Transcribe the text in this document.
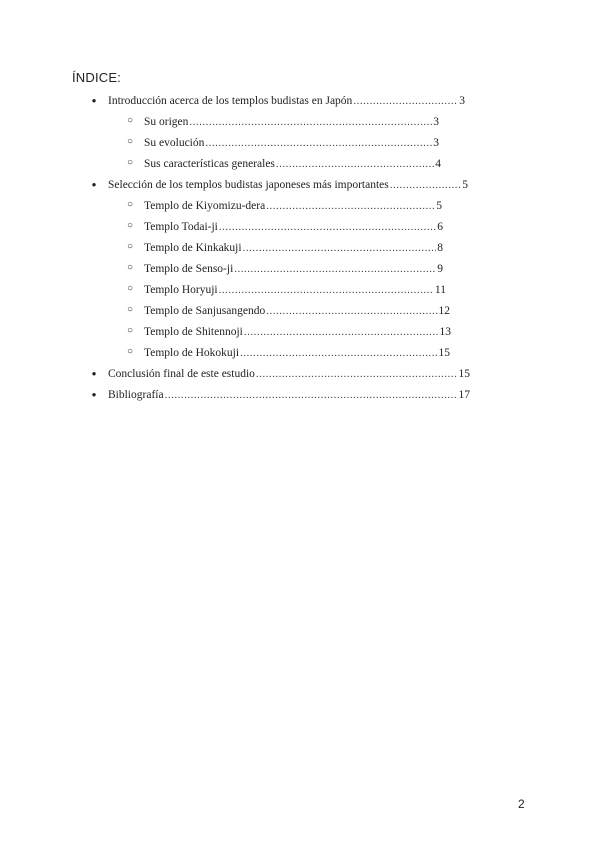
ÍNDICE:
●	Introducción acerca de los templos budistas en Japón .....	3
○ Su origen .....	3
○ Su evolución .....	3
○ Sus características generales .....	4
●	Selección de los templos budistas japoneses más importantes .....	5
○ Templo de Kiyomizu-dera .....	5
○ Templo Todai-ji .....	6
○ Templo de Kinkakuji .....	8
○ Templo de Senso-ji .....	9
○ Templo Horyuji .....	11
○ Templo de Sanjusangendo .....	12
○ Templo de Shitennoji .....	13
○ Templo de Hokokuji .....	15
●	Conclusión final de este estudio .....	15
●	Bibliografía .....	17
2
